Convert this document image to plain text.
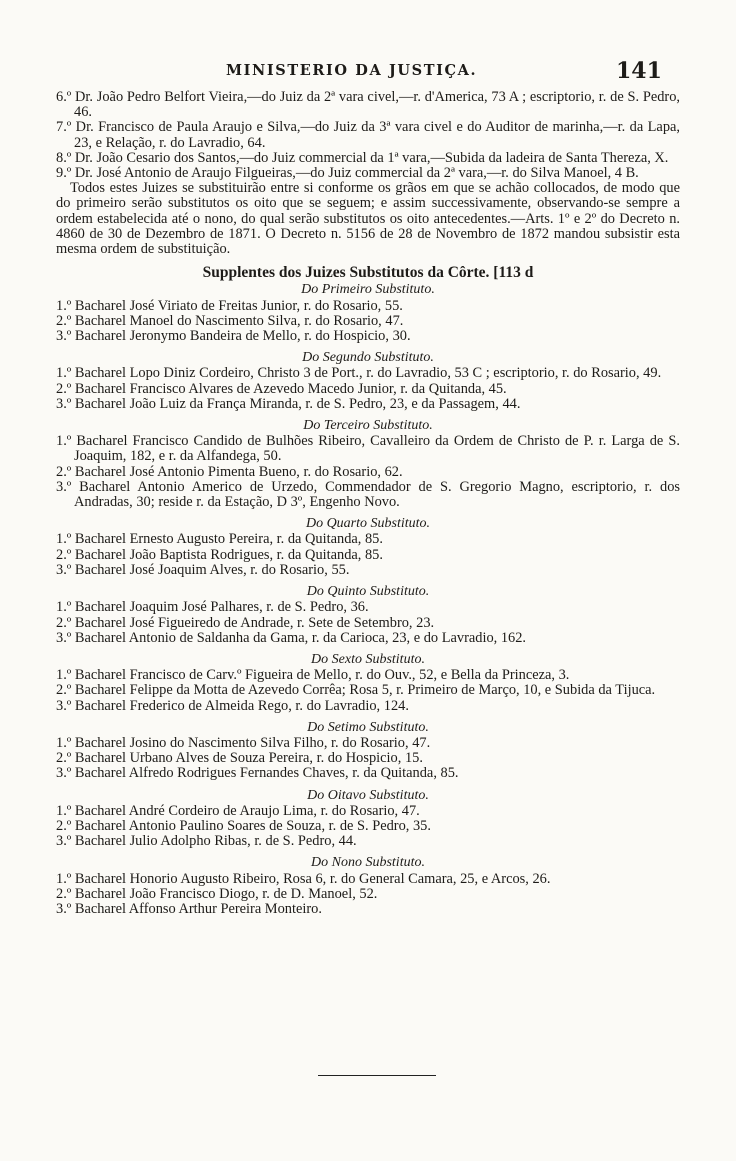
MINISTERIO DA JUSTIÇA.	141

6.º Dr. João Pedro Belfort Vieira,—do Juiz da 2ª vara civel,—r. d'America, 73 A ; escriptorio, r. de S. Pedro, 46.

7.º Dr. Francisco de Paula Araujo e Silva,—do Juiz da 3ª vara civel e do Auditor de marinha,—r. da Lapa, 23, e Relação, r. do Lavradio, 64.

8.º Dr. João Cesario dos Santos,—do Juiz commercial da 1ª vara,—Subida da ladeira de Santa Thereza, X.

9.º Dr. José Antonio de Araujo Filgueiras,—do Juiz commercial da 2ª vara,—r. do Silva Manoel, 4 B.

Todos estes Juizes se substituirão entre si conforme os grãos em que se achão collocados, de modo que do primeiro serão substitutos os oito que se seguem; e assim successivamente, observando-se sempre a ordem estabelecida até o nono, do qual serão substitutos os oito antecedentes.—Arts. 1º e 2º do Decreto n. 4860 de 30 de Dezembro de 1871. O Decreto n. 5156 de 28 de Novembro de 1872 mandou subsistir esta mesma ordem de substituição.

Supplentes dos Juizes Substitutos da Côrte. [113 d
Do Primeiro Substituto.

1.º Bacharel José Viriato de Freitas Junior, r. do Rosario, 55.

2.º Bacharel Manoel do Nascimento Silva, r. do Rosario, 47.

3.º Bacharel Jeronymo Bandeira de Mello, r. do Hospicio, 30.

Do Segundo Substituto.

1.º Bacharel Lopo Diniz Cordeiro, Christo 3 de Port., r. do Lavradio, 53 C ; escriptorio, r. do Rosario, 49.

2.º Bacharel Francisco Alvares de Azevedo Macedo Junior, r. da Quitanda, 45.

3.º Bacharel João Luiz da França Miranda, r. de S. Pedro, 23, e da Passagem, 44.

Do Terceiro Substituto.

1.º Bacharel Francisco Candido de Bulhões Ribeiro, Cavalleiro da Ordem de Christo de P. r. Larga de S. Joaquim, 182, e r. da Alfandega, 50.

2.º Bacharel José Antonio Pimenta Bueno, r. do Rosario, 62.

3.º Bacharel Antonio Americo de Urzedo, Commendador de S. Gregorio Magno, escriptorio, r. dos Andradas, 30; reside r. da Estação, D 3º, Engenho Novo.

Do Quarto Substituto.

1.º Bacharel Ernesto Augusto Pereira, r. da Quitanda, 85.

2.º Bacharel João Baptista Rodrigues, r. da Quitanda, 85.

3.º Bacharel José Joaquim Alves, r. do Rosario, 55.

Do Quinto Substituto.

1.º Bacharel Joaquim José Palhares, r. de S. Pedro, 36.

2.º Bacharel José Figueiredo de Andrade, r. Sete de Setembro, 23.

3.º Bacharel Antonio de Saldanha da Gama, r. da Carioca, 23, e do Lavradio, 162.

Do Sexto Substituto.

1.º Bacharel Francisco de Carv.º Figueira de Mello, r. do Ouv., 52, e Bella da Princeza, 3.

2.º Bacharel Felippe da Motta de Azevedo Corrêa; Rosa 5, r. Primeiro de Março, 10, e Subida da Tijuca.

3.º Bacharel Frederico de Almeida Rego, r. do Lavradio, 124.

Do Setimo Substituto.

1.º Bacharel Josino do Nascimento Silva Filho, r. do Rosario, 47.

2.º Bacharel Urbano Alves de Souza Pereira, r. do Hospicio, 15.

3.º Bacharel Alfredo Rodrigues Fernandes Chaves, r. da Quitanda, 85.

Do Oitavo Substituto.

1.º Bacharel André Cordeiro de Araujo Lima, r. do Rosario, 47.

2.º Bacharel Antonio Paulino Soares de Souza, r. de S. Pedro, 35.

3.º Bacharel Julio Adolpho Ribas, r. de S. Pedro, 44.

Do Nono Substituto.

1.º Bacharel Honorio Augusto Ribeiro, Rosa 6, r. do General Camara, 25, e Arcos, 26.

2.º Bacharel João Francisco Diogo, r. de D. Manoel, 52.

3.º Bacharel Affonso Arthur Pereira Monteiro.
